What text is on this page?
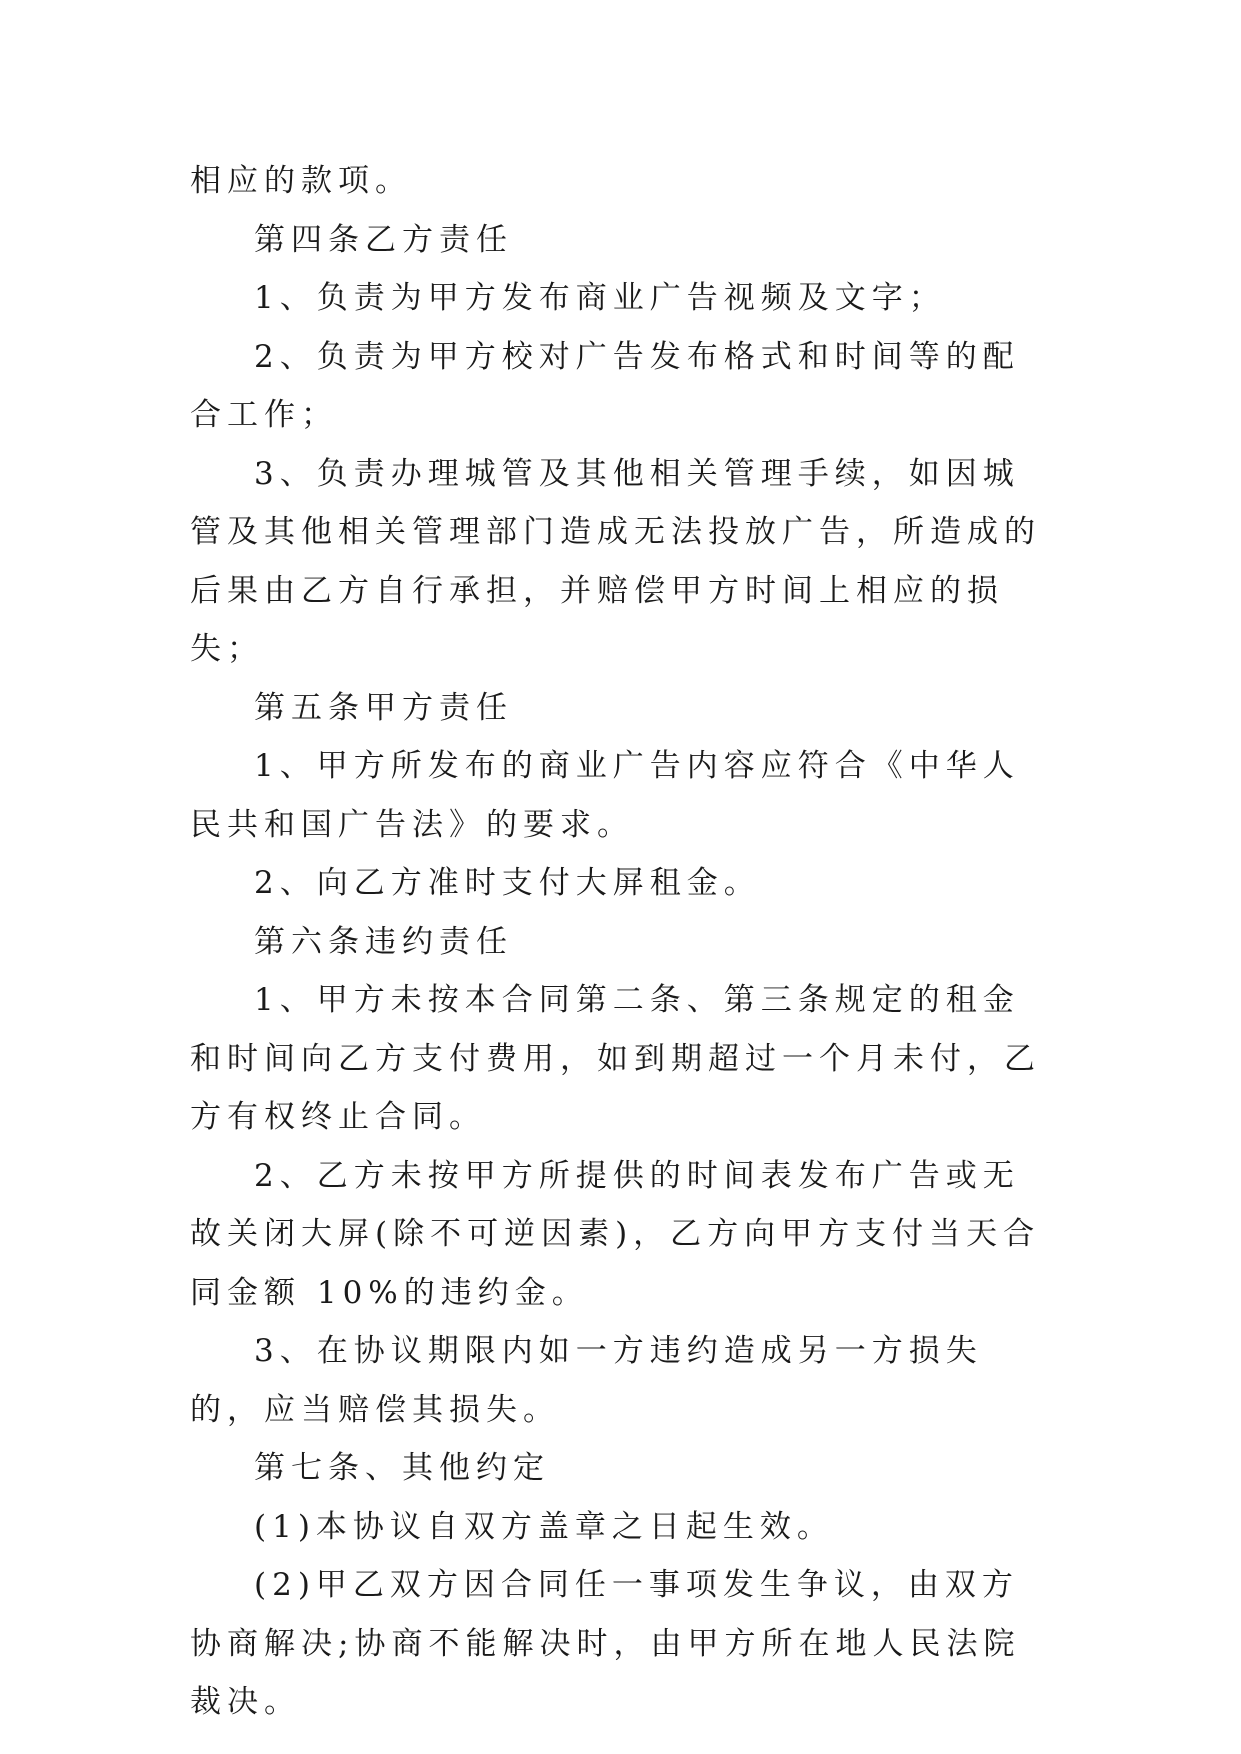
相应的款项。

第四条乙方责任

1、负责为甲方发布商业广告视频及文字；

2、负责为甲方校对广告发布格式和时间等的配合工作；

3、负责办理城管及其他相关管理手续，如因城管及其他相关管理部门造成无法投放广告，所造成的后果由乙方自行承担，并赔偿甲方时间上相应的损失；

第五条甲方责任

1、甲方所发布的商业广告内容应符合《中华人民共和国广告法》的要求。

2、向乙方准时支付大屏租金。

第六条违约责任

1、甲方未按本合同第二条、第三条规定的租金和时间向乙方支付费用，如到期超过一个月未付，乙方有权终止合同。

2、乙方未按甲方所提供的时间表发布广告或无故关闭大屏(除不可逆因素)，乙方向甲方支付当天合同金额 10%的违约金。

3、在协议期限内如一方违约造成另一方损失的，应当赔偿其损失。

第七条、其他约定

(1)本协议自双方盖章之日起生效。

(2)甲乙双方因合同任一事项发生争议，由双方协商解决;协商不能解决时，由甲方所在地人民法院裁决。
